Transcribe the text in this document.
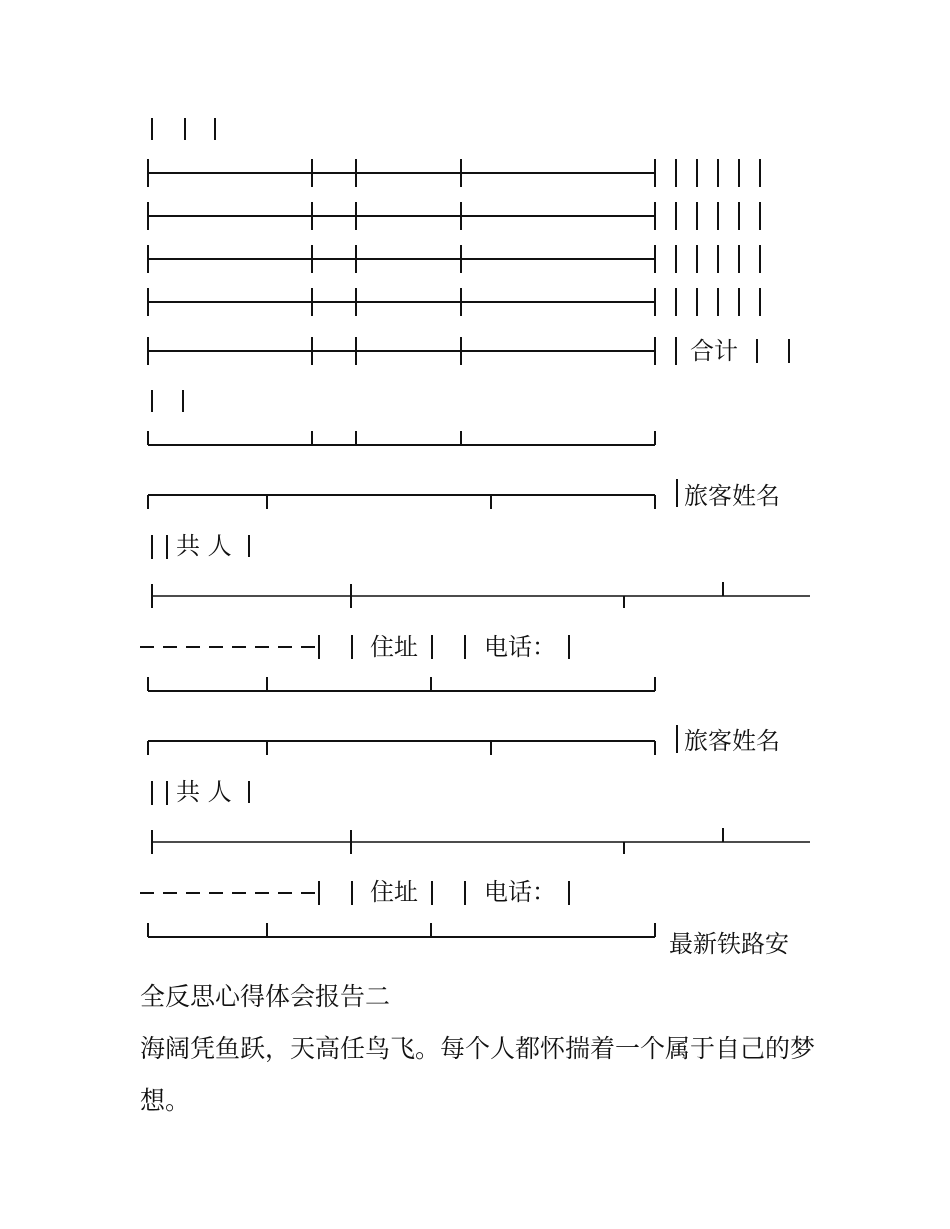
合计
旅客姓名
共 人
住址	电话：
旅客姓名
共 人
住址	电话：
最新铁路安
全反思心得体会报告二
海阔凭鱼跃，天高任鸟飞。每个人都怀揣着一个属于自己的梦
想。
